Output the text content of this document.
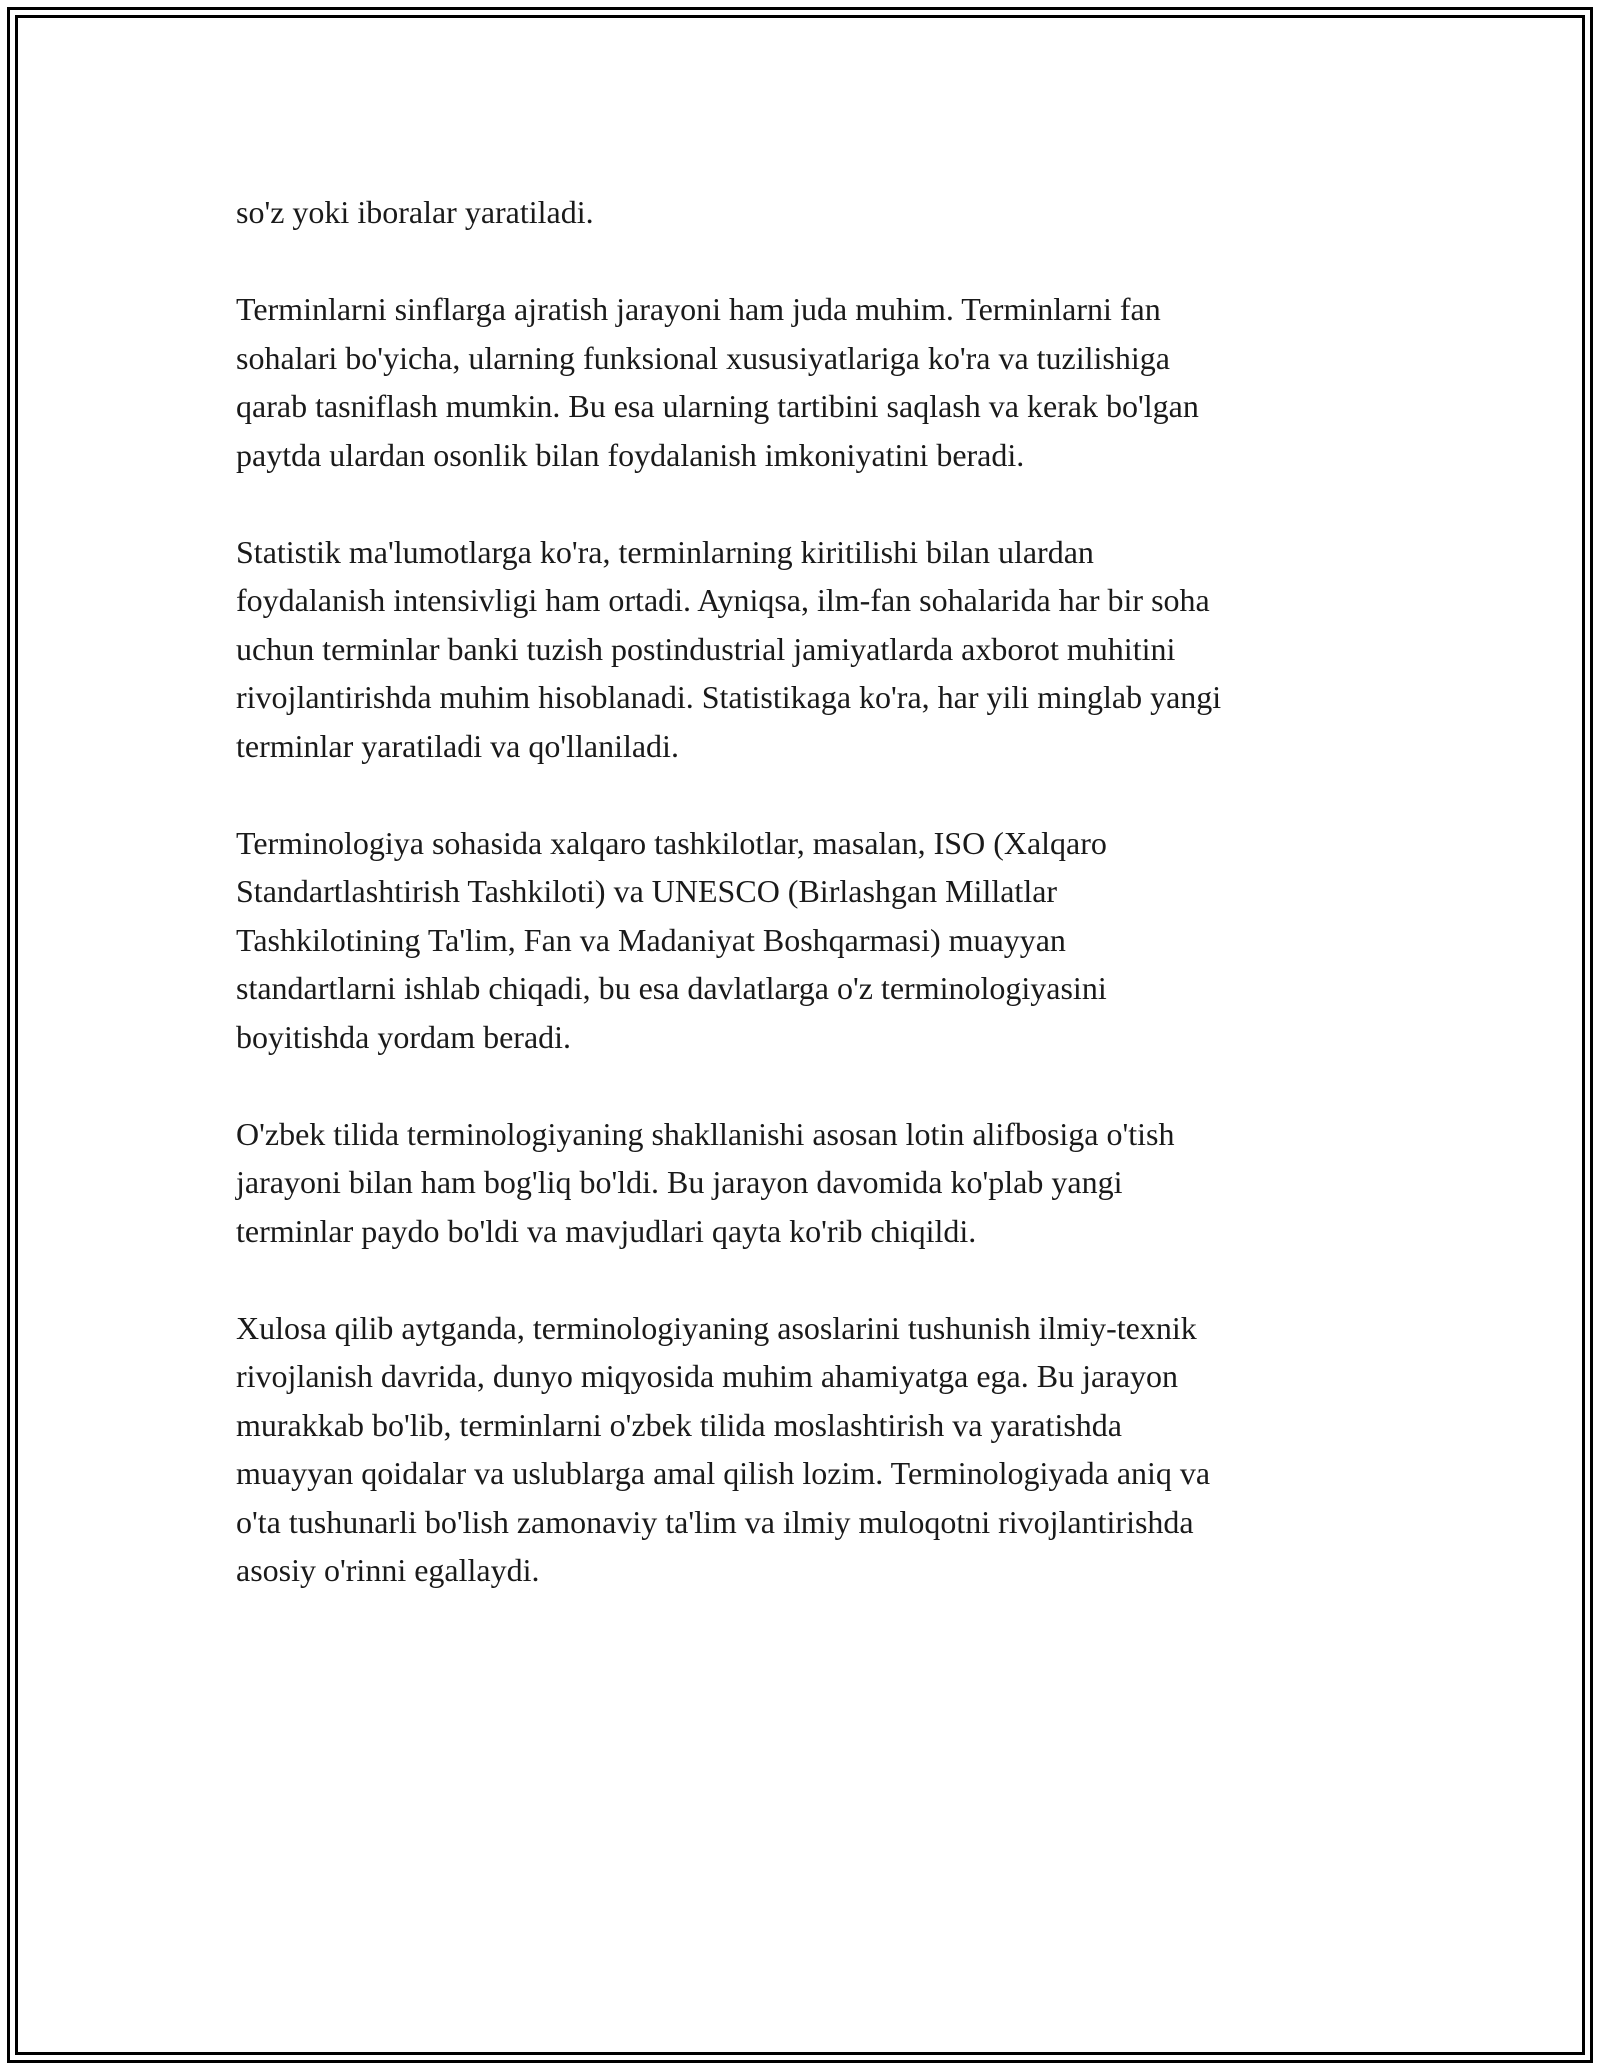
so'z yoki iboralar yaratiladi.

Terminlarni sinflarga ajratish jarayoni ham juda muhim. Terminlarni fan
sohalari bo'yicha, ularning funksional xususiyatlariga ko'ra va tuzilishiga
qarab tasniflash mumkin. Bu esa ularning tartibini saqlash va kerak bo'lgan
paytda ulardan osonlik bilan foydalanish imkoniyatini beradi.

Statistik ma'lumotlarga ko'ra, terminlarning kiritilishi bilan ulardan
foydalanish intensivligi ham ortadi. Ayniqsa, ilm-fan sohalarida har bir soha
uchun terminlar banki tuzish postindustrial jamiyatlarda axborot muhitini
rivojlantirishda muhim hisoblanadi. Statistikaga ko'ra, har yili minglab yangi
terminlar yaratiladi va qo'llaniladi.

Terminologiya sohasida xalqaro tashkilotlar, masalan, ISO (Xalqaro
Standartlashtirish Tashkiloti) va UNESCO (Birlashgan Millatlar
Tashkilotining Ta'lim, Fan va Madaniyat Boshqarmasi) muayyan
standartlarni ishlab chiqadi, bu esa davlatlarga o'z terminologiyasini
boyitishda yordam beradi.

O'zbek tilida terminologiyaning shakllanishi asosan lotin alifbosiga o'tish
jarayoni bilan ham bog'liq bo'ldi. Bu jarayon davomida ko'plab yangi
terminlar paydo bo'ldi va mavjudlari qayta ko'rib chiqildi.

Xulosa qilib aytganda, terminologiyaning asoslarini tushunish ilmiy-texnik
rivojlanish davrida, dunyo miqyosida muhim ahamiyatga ega. Bu jarayon
murakkab bo'lib, terminlarni o'zbek tilida moslashtirish va yaratishda
muayyan qoidalar va uslublarga amal qilish lozim. Terminologiyada aniq va
o'ta tushunarli bo'lish zamonaviy ta'lim va ilmiy muloqotni rivojlantirishda
asosiy o'rinni egallaydi.
